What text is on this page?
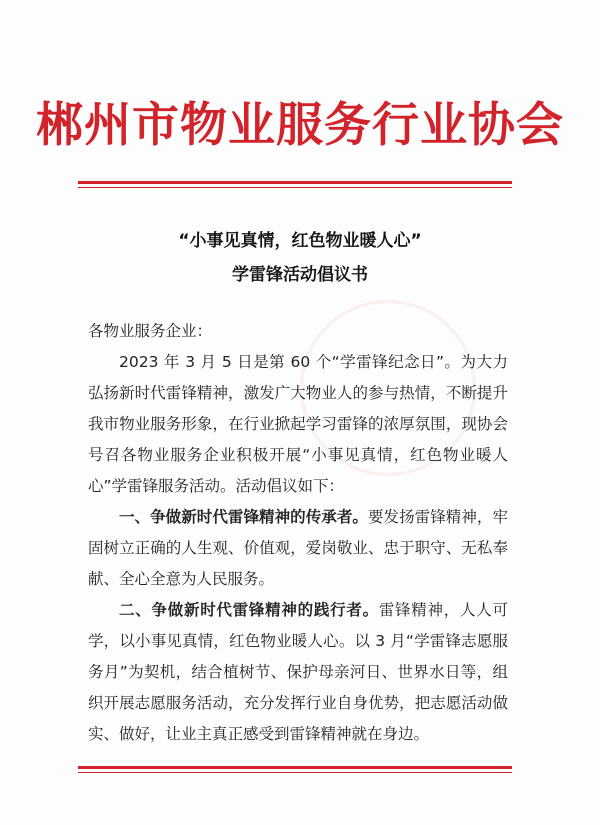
郴州市物业服务行业协会
“小事见真情，红色物业暖人心”
学雷锋活动倡议书

各物业服务企业：

2023 年 3 月 5 日是第 60 个“学雷锋纪念日”。为大力弘扬新时代雷锋精神，激发广大物业人的参与热情，不断提升我市物业服务形象，在行业掀起学习雷锋的浓厚氛围，现协会号召各物业服务企业积极开展“小事见真情，红色物业暖人心”学雷锋服务活动。活动倡议如下：

一、争做新时代雷锋精神的传承者。要发扬雷锋精神，牢固树立正确的人生观、价值观，爱岗敬业、忠于职守、无私奉献、全心全意为人民服务。

二、争做新时代雷锋精神的践行者。雷锋精神，人人可学，以小事见真情，红色物业暖人心。以 3 月“学雷锋志愿服务月”为契机，结合植树节、保护母亲河日、世界水日等，组织开展志愿服务活动，充分发挥行业自身优势，把志愿活动做实、做好，让业主真正感受到雷锋精神就在身边。
